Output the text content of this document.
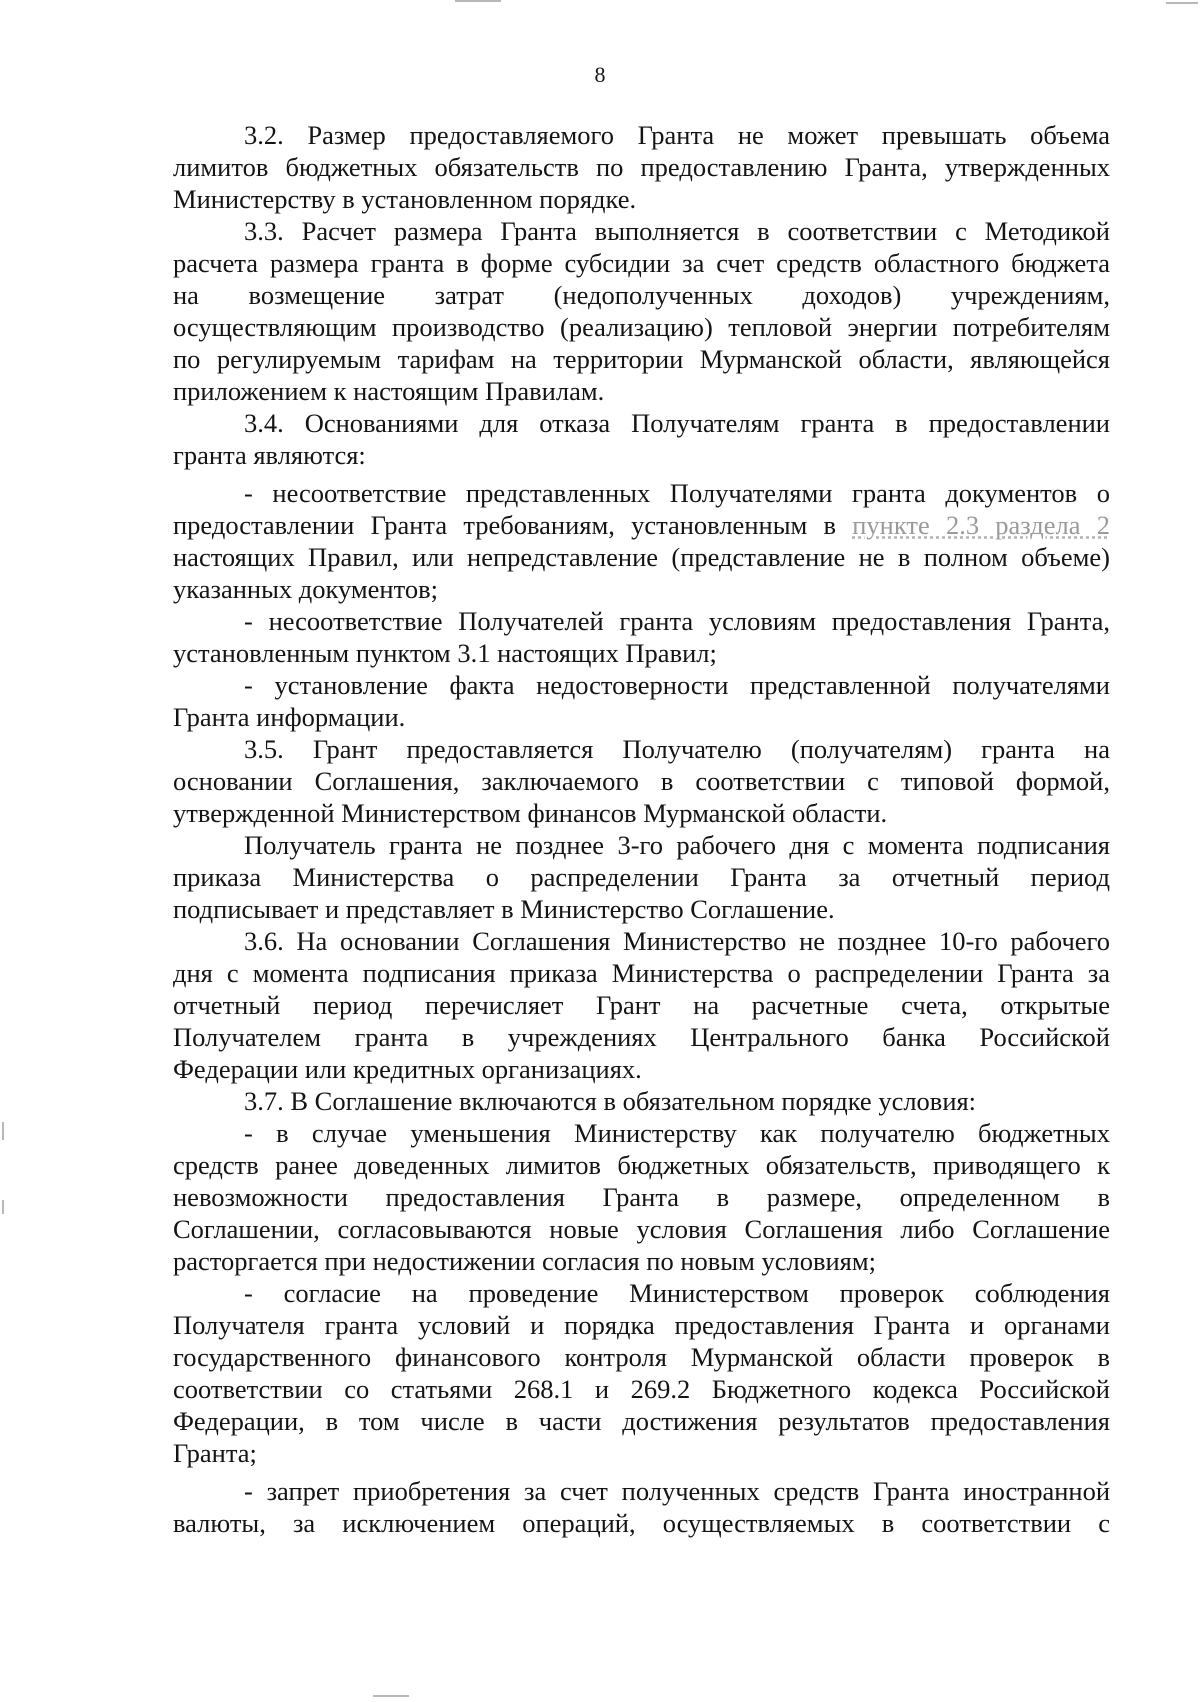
8
3.2. Размер предоставляемого Гранта не может превышать объема
лимитов бюджетных обязательств по предоставлению Гранта, утвержденных
Министерству в установленном порядке.
3.3. Расчет размера Гранта выполняется в соответствии с Методикой
расчета размера гранта в форме субсидии за счет средств областного бюджета
на возмещение затрат (недополученных доходов) учреждениям,
осуществляющим производство (реализацию) тепловой энергии потребителям
по регулируемым тарифам на территории Мурманской области, являющейся
приложением к настоящим Правилам.
3.4. Основаниями для отказа Получателям гранта в предоставлении
гранта являются:
- несоответствие представленных Получателями гранта документов о
предоставлении Гранта требованиям, установленным в пункте 2.3 раздела 2
настоящих Правил, или непредставление (представление не в полном объеме)
указанных документов;
- несоответствие Получателей гранта условиям предоставления Гранта,
установленным пунктом 3.1 настоящих Правил;
- установление факта недостоверности представленной получателями
Гранта информации.
3.5. Грант предоставляется Получателю (получателям) гранта на
основании Соглашения, заключаемого в соответствии с типовой формой,
утвержденной Министерством финансов Мурманской области.
Получатель гранта не позднее 3-го рабочего дня с момента подписания
приказа Министерства о распределении Гранта за отчетный период
подписывает и представляет в Министерство Соглашение.
3.6. На основании Соглашения Министерство не позднее 10-го рабочего
дня с момента подписания приказа Министерства о распределении Гранта за
отчетный период перечисляет Грант на расчетные счета, открытые
Получателем гранта в учреждениях Центрального банка Российской
Федерации или кредитных организациях.
3.7. В Соглашение включаются в обязательном порядке условия:
- в случае уменьшения Министерству как получателю бюджетных
средств ранее доведенных лимитов бюджетных обязательств, приводящего к
невозможности предоставления Гранта в размере, определенном в
Соглашении, согласовываются новые условия Соглашения либо Соглашение
расторгается при недостижении согласия по новым условиям;
- согласие на проведение Министерством проверок соблюдения
Получателя гранта условий и порядка предоставления Гранта и органами
государственного финансового контроля Мурманской области проверок в
соответствии со статьями 268.1 и 269.2 Бюджетного кодекса Российской
Федерации, в том числе в части достижения результатов предоставления
Гранта;
- запрет приобретения за счет полученных средств Гранта иностранной
валюты, за исключением операций, осуществляемых в соответствии с
